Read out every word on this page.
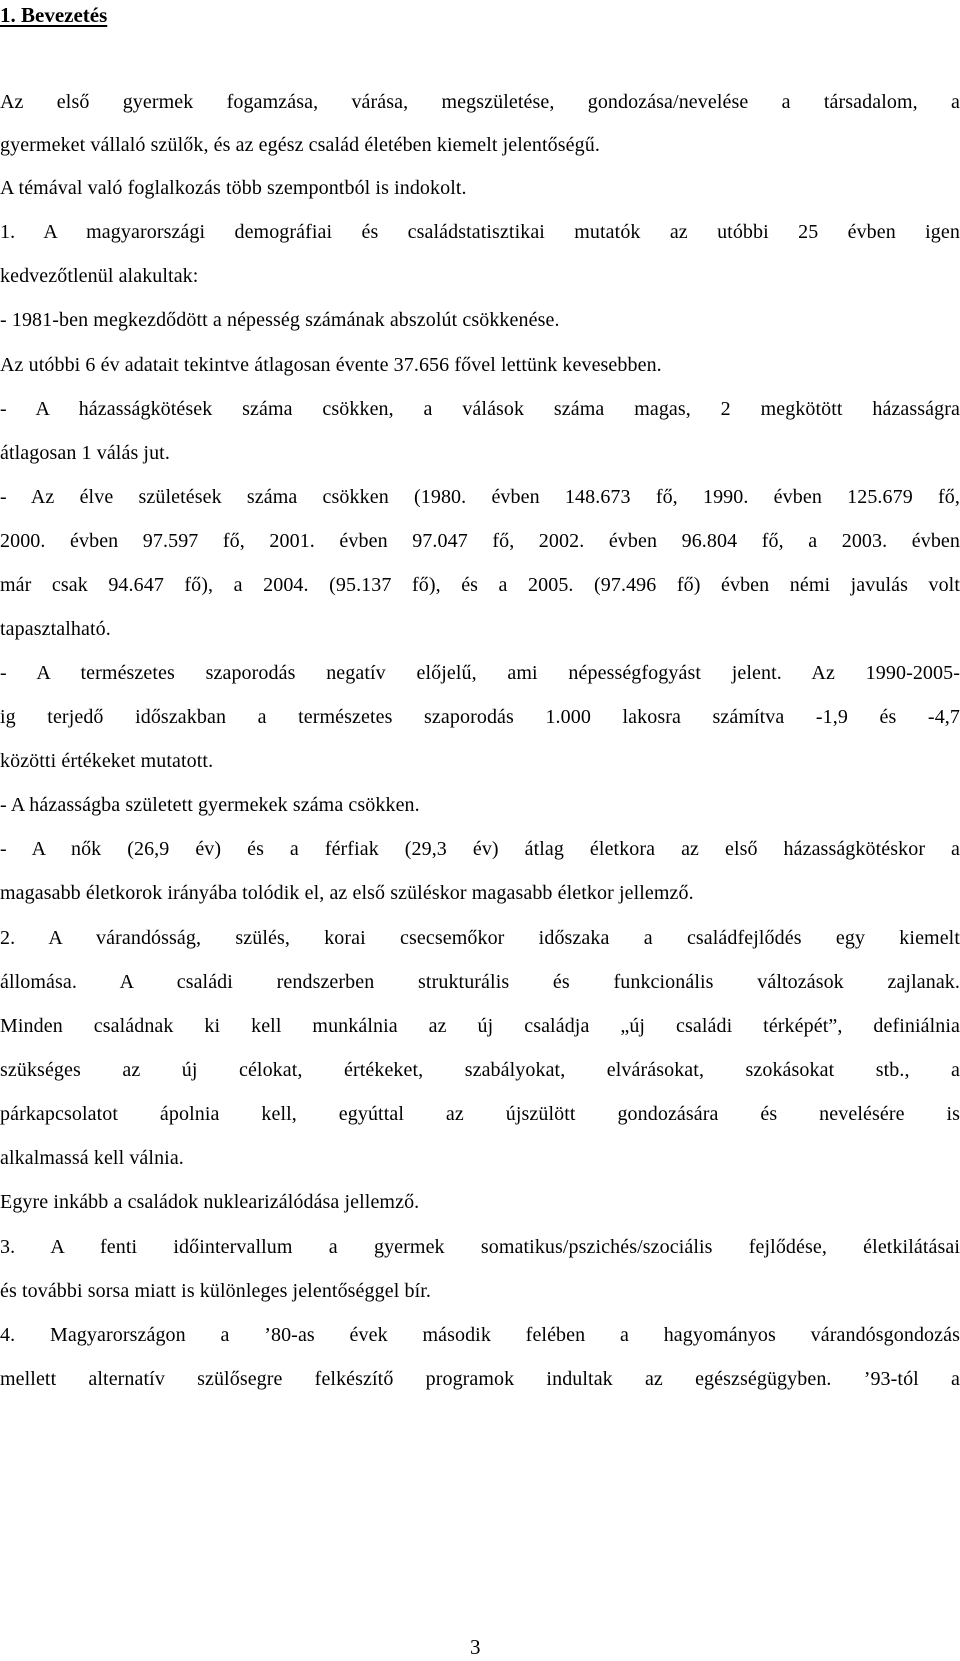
1. Bevezetés
Az első gyermek fogamzása, várása, megszületése, gondozása/nevelése a társadalom, a
gyermeket vállaló szülők, és az egész család életében kiemelt jelentőségű.
A témával való foglalkozás több szempontból is indokolt.
1. A magyarországi demográfiai és családstatisztikai mutatók az utóbbi 25 évben igen
kedvezőtlenül alakultak:
- 1981-ben megkezdődött a népesség számának abszolút csökkenése.
Az utóbbi 6 év adatait tekintve átlagosan évente 37.656 fővel lettünk kevesebben.
- A házasságkötések száma csökken, a válások száma magas, 2 megkötött házasságra
átlagosan 1 válás jut.
- Az élve születések száma csökken (1980. évben 148.673 fő, 1990. évben 125.679 fő,
2000. évben 97.597 fő, 2001. évben 97.047 fő, 2002. évben 96.804 fő, a 2003. évben
már csak 94.647 fő), a 2004. (95.137 fő), és a 2005. (97.496 fő) évben némi javulás volt
tapasztalható.
- A természetes szaporodás negatív előjelű, ami népességfogyást jelent. Az 1990-2005-
ig terjedő időszakban a természetes szaporodás 1.000 lakosra számítva -1,9 és -4,7
közötti értékeket mutatott.
- A házasságba született gyermekek száma csökken.
- A nők (26,9 év) és a férfiak (29,3 év) átlag életkora az első házasságkötéskor a
magasabb életkorok irányába tolódik el, az első szüléskor magasabb életkor jellemző.
2. A várandósság, szülés, korai csecsemőkor időszaka a családfejlődés egy kiemelt
állomása. A családi rendszerben strukturális és funkcionális változások zajlanak.
Minden családnak ki kell munkálnia az új családja „új családi térképét”, definiálnia
szükséges az új célokat, értékeket, szabályokat, elvárásokat, szokásokat stb., a
párkapcsolatot ápolnia kell, egyúttal az újszülött gondozására és nevelésére is
alkalmassá kell válnia.
Egyre inkább a családok nuklearizálódása jellemző.
3. A fenti időintervallum a gyermek somatikus/pszichés/szociális fejlődése, életkilátásai
és további sorsa miatt is különleges jelentőséggel bír.
4. Magyarországon a ’80-as évek második felében a hagyományos várandósgondozás
mellett alternatív szülősegre felkészítő programok indultak az egészségügyben. ’93-tól a
3
